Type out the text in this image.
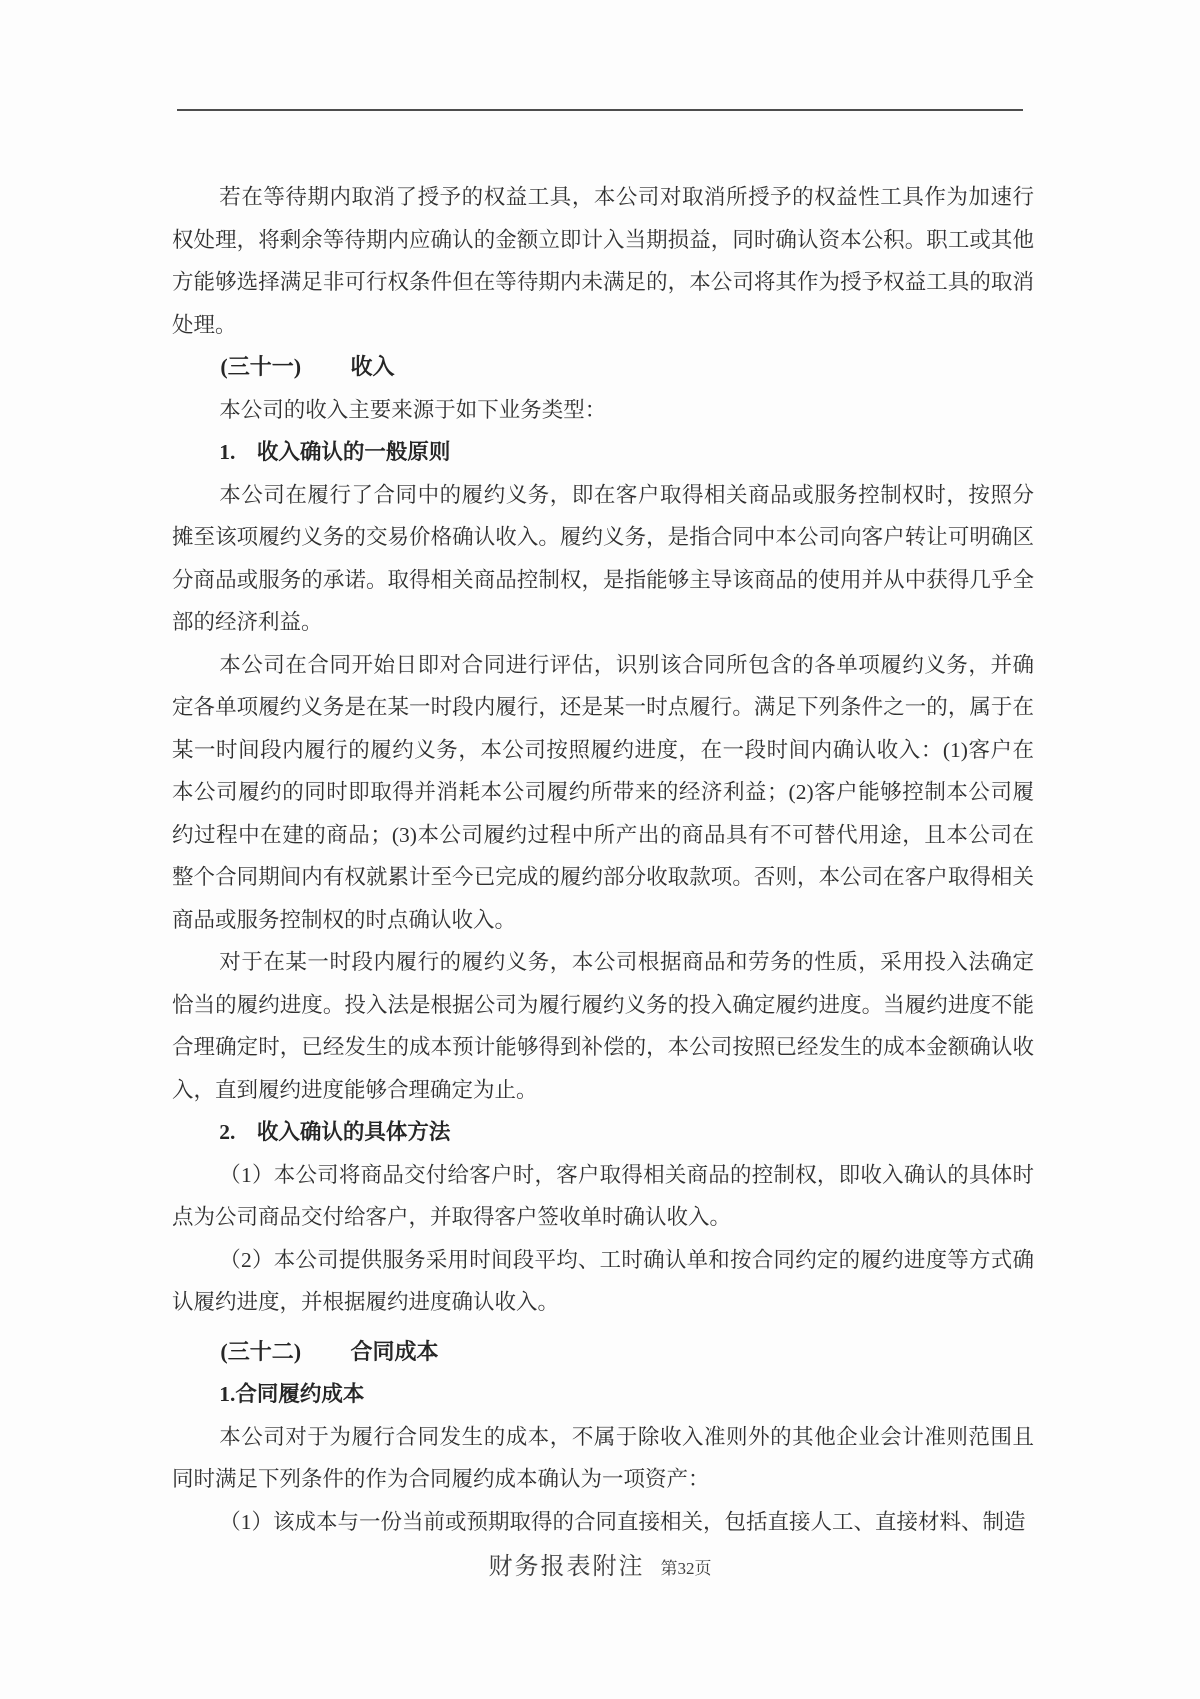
若在等待期内取消了授予的权益工具，本公司对取消所授予的权益性工具作为加速行权处理，将剩余等待期内应确认的金额立即计入当期损益，同时确认资本公积。职工或其他方能够选择满足非可行权条件但在等待期内未满足的，本公司将其作为授予权益工具的取消处理。

(三十一) 收入

本公司的收入主要来源于如下业务类型：

1.　收入确认的一般原则

本公司在履行了合同中的履约义务，即在客户取得相关商品或服务控制权时，按照分摊至该项履约义务的交易价格确认收入。履约义务，是指合同中本公司向客户转让可明确区分商品或服务的承诺。取得相关商品控制权，是指能够主导该商品的使用并从中获得几乎全部的经济利益。

本公司在合同开始日即对合同进行评估，识别该合同所包含的各单项履约义务，并确定各单项履约义务是在某一时段内履行，还是某一时点履行。满足下列条件之一的，属于在某一时间段内履行的履约义务，本公司按照履约进度，在一段时间内确认收入：(1)客户在本公司履约的同时即取得并消耗本公司履约所带来的经济利益；(2)客户能够控制本公司履约过程中在建的商品；(3)本公司履约过程中所产出的商品具有不可替代用途，且本公司在整个合同期间内有权就累计至今已完成的履约部分收取款项。否则，本公司在客户取得相关商品或服务控制权的时点确认收入。

对于在某一时段内履行的履约义务，本公司根据商品和劳务的性质，采用投入法确定恰当的履约进度。投入法是根据公司为履行履约义务的投入确定履约进度。当履约进度不能合理确定时，已经发生的成本预计能够得到补偿的，本公司按照已经发生的成本金额确认收入，直到履约进度能够合理确定为止。

2.　收入确认的具体方法

（1）本公司将商品交付给客户时，客户取得相关商品的控制权，即收入确认的具体时点为公司商品交付给客户，并取得客户签收单时确认收入。

（2）本公司提供服务采用时间段平均、工时确认单和按合同约定的履约进度等方式确认履约进度，并根据履约进度确认收入。

(三十二) 合同成本
1.合同履约成本

本公司对于为履行合同发生的成本，不属于除收入准则外的其他企业会计准则范围且同时满足下列条件的作为合同履约成本确认为一项资产：

（1）该成本与一份当前或预期取得的合同直接相关，包括直接人工、直接材料、制造

财务报表附注 第32页
